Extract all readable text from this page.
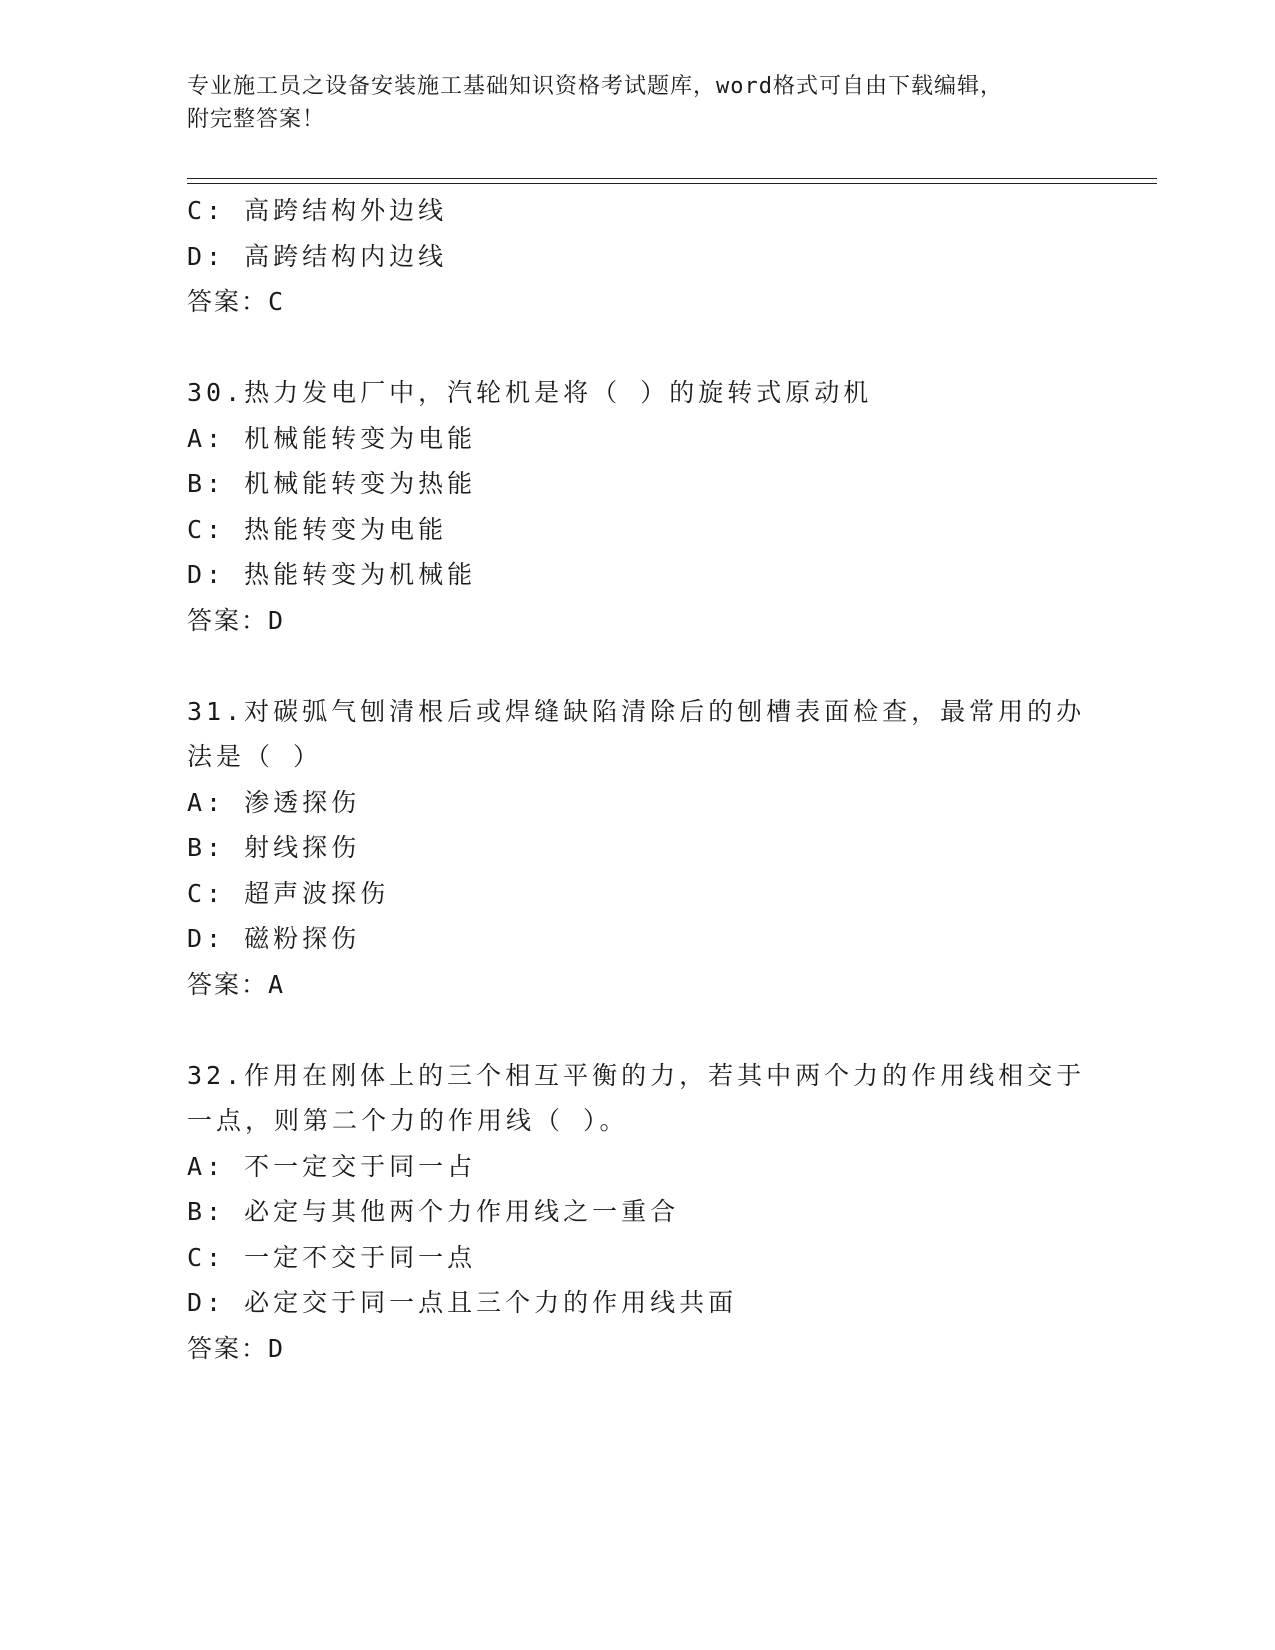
专业施工员之设备安装施工基础知识资格考试题库，word格式可自由下载编辑，
附完整答案！
C: 高跨结构外边线
D: 高跨结构内边线
答案：C
30.热力发电厂中，汽轮机是将（ ）的旋转式原动机
A: 机械能转变为电能
B: 机械能转变为热能
C: 热能转变为电能
D: 热能转变为机械能
答案：D
31.对碳弧气刨清根后或焊缝缺陷清除后的刨槽表面检查，最常用的办
法是（ ）
A: 渗透探伤
B: 射线探伤
C: 超声波探伤
D: 磁粉探伤
答案：A
32.作用在刚体上的三个相互平衡的力，若其中两个力的作用线相交于
一点，则第二个力的作用线（ ）。
A: 不一定交于同一占
B: 必定与其他两个力作用线之一重合
C: 一定不交于同一点
D: 必定交于同一点且三个力的作用线共面
答案：D
